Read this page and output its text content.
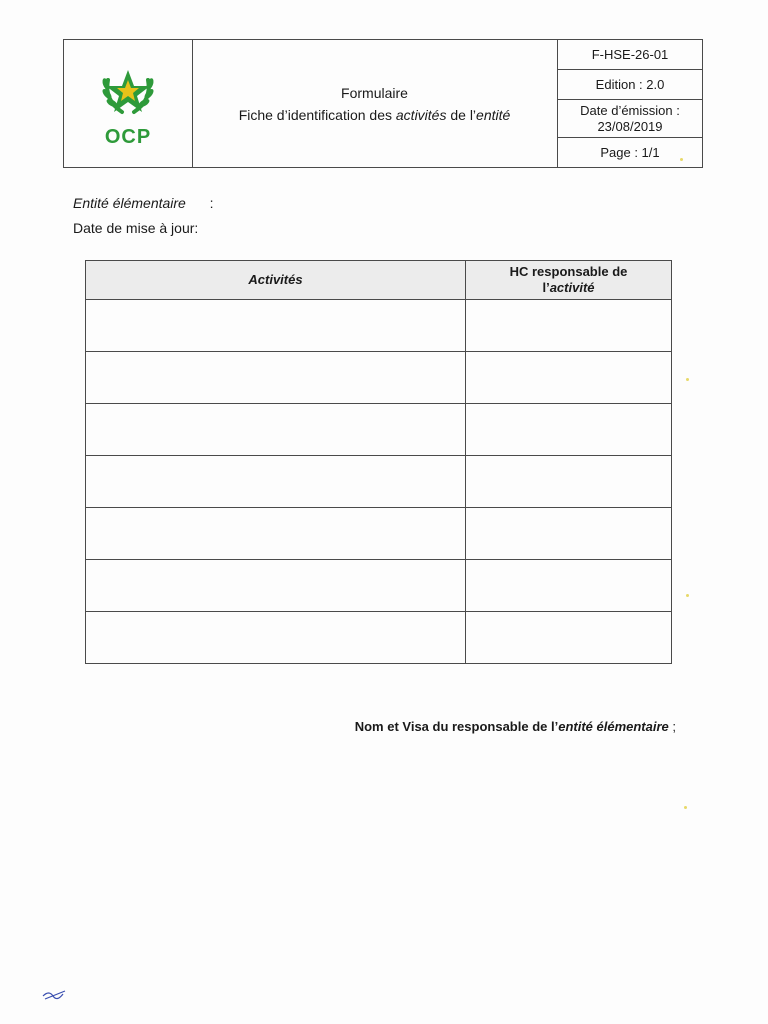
OCP
Formulaire
Fiche d’identification des activités de l’entité
F-HSE-26-01
Edition : 2.0
Date d’émission :
23/08/2019
Page : 1/1
Entité élémentaire :
Date de mise à jour:
Activités	HC responsable de
l’activité

Nom et Visa du responsable de l’entité élémentaire ;
